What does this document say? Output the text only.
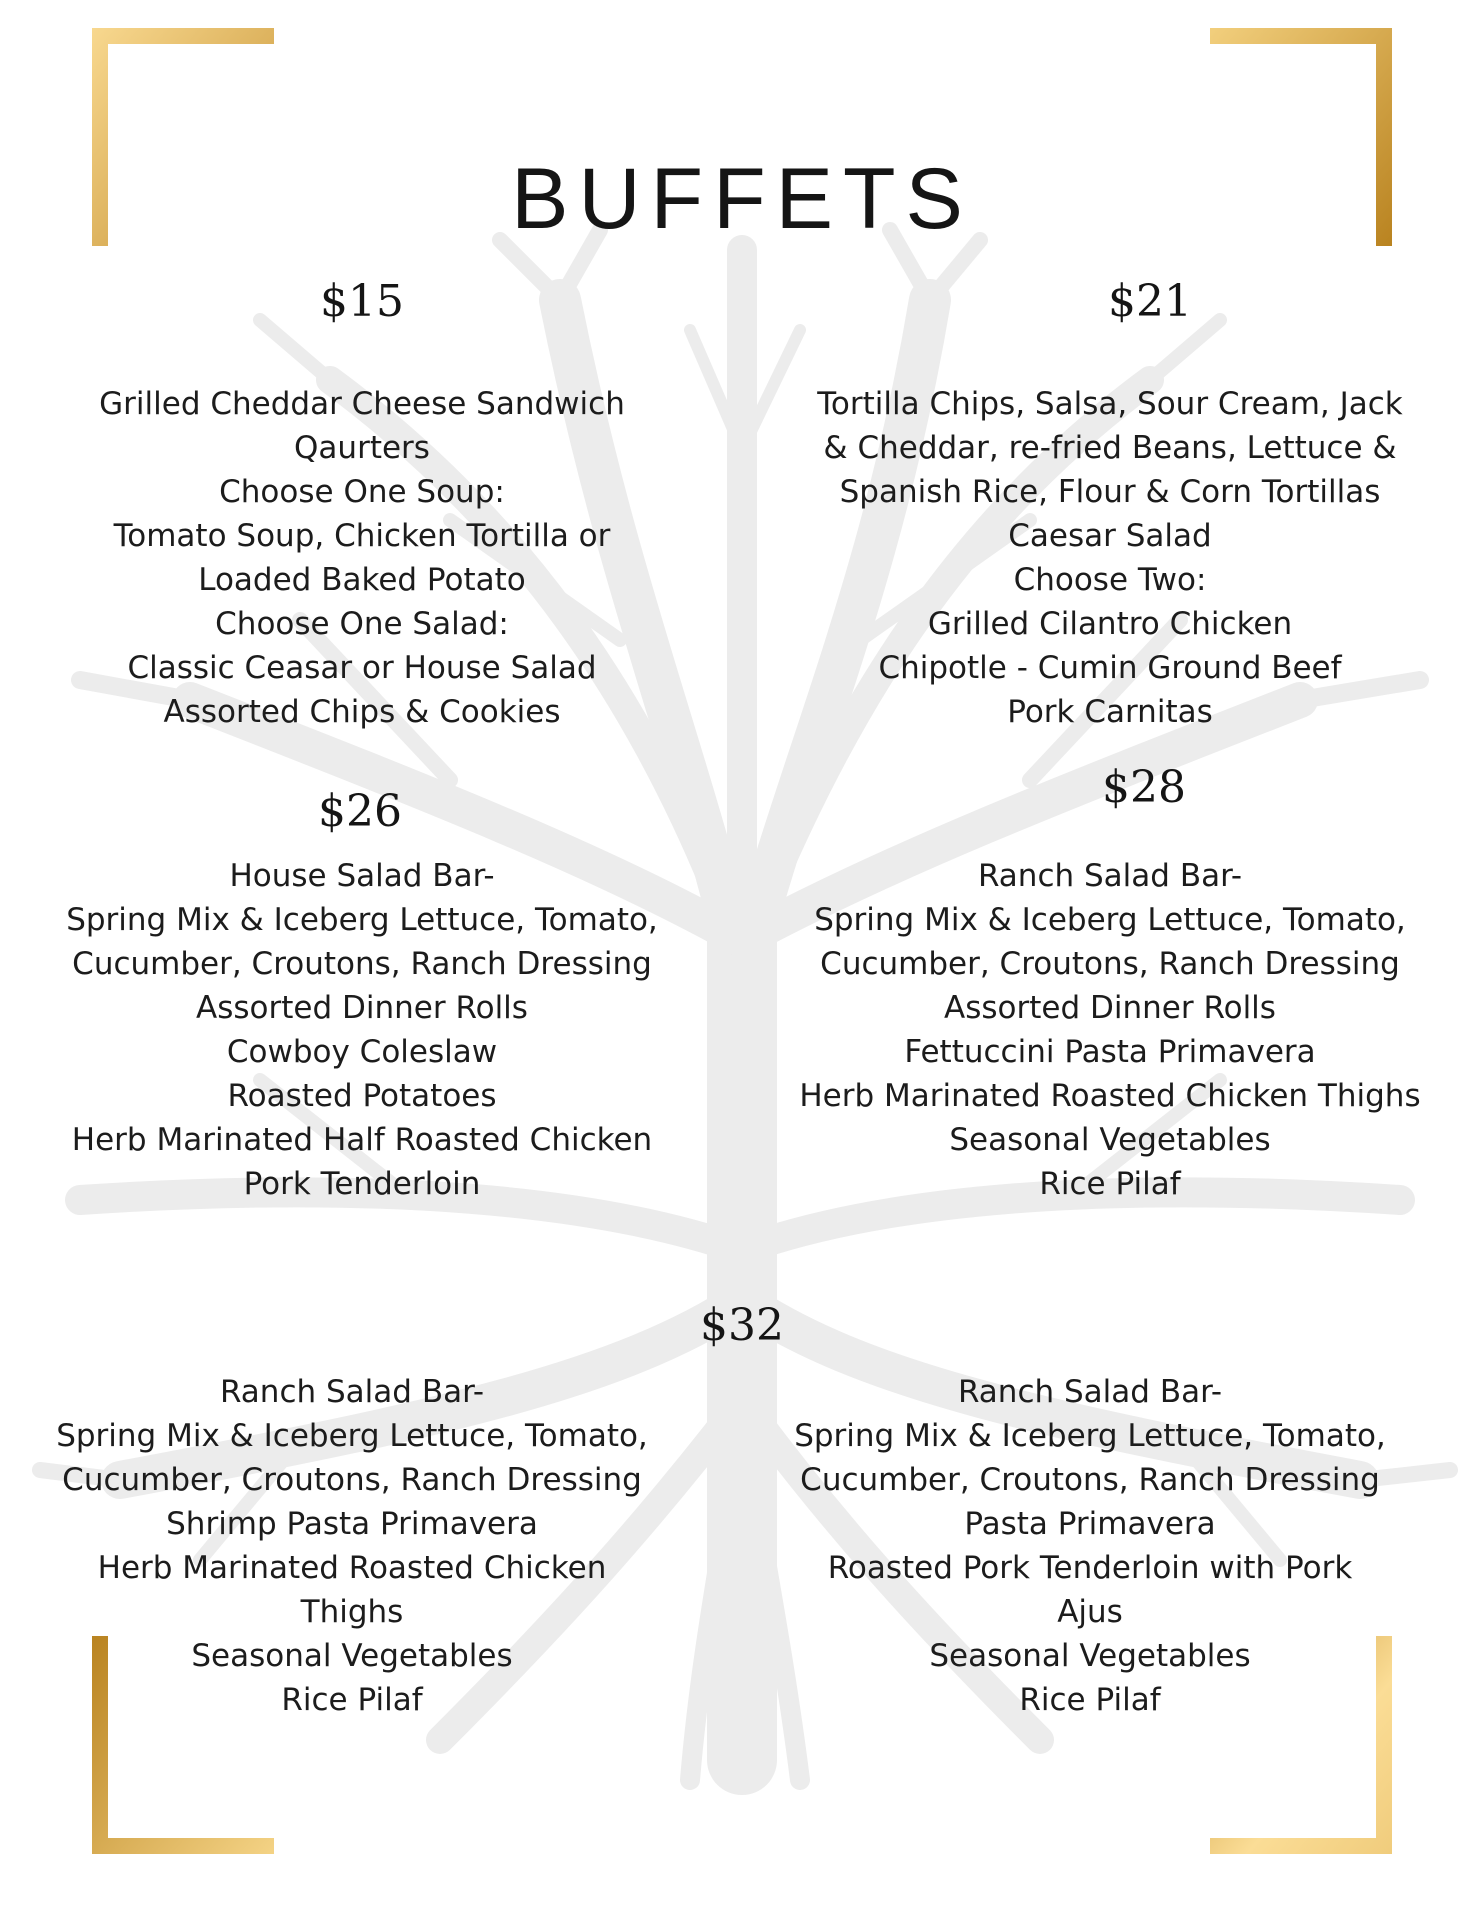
BUFFETS
$15
Grilled Cheddar Cheese Sandwich
Qaurters
Choose One Soup:
Tomato Soup, Chicken Tortilla or
Loaded Baked Potato
Choose One Salad:
Classic Ceasar or House Salad
Assorted Chips & Cookies
$21
Tortilla Chips, Salsa, Sour Cream, Jack
& Cheddar, re-fried Beans, Lettuce &
Spanish Rice, Flour & Corn Tortillas
Caesar Salad
Choose Two:
Grilled Cilantro Chicken
Chipotle - Cumin Ground Beef
Pork Carnitas
$26
House Salad Bar-
Spring Mix & Iceberg Lettuce, Tomato,
Cucumber, Croutons, Ranch Dressing
Assorted Dinner Rolls
Cowboy Coleslaw
Roasted Potatoes
Herb Marinated Half Roasted Chicken
Pork Tenderloin
$28
Ranch Salad Bar-
Spring Mix & Iceberg Lettuce, Tomato,
Cucumber, Croutons, Ranch Dressing
Assorted Dinner Rolls
Fettuccini Pasta Primavera
Herb Marinated Roasted Chicken Thighs
Seasonal Vegetables
Rice Pilaf
$32
Ranch Salad Bar-
Spring Mix & Iceberg Lettuce, Tomato,
Cucumber, Croutons, Ranch Dressing
Shrimp Pasta Primavera
Herb Marinated Roasted Chicken
Thighs
Seasonal Vegetables
Rice Pilaf
Ranch Salad Bar-
Spring Mix & Iceberg Lettuce, Tomato,
Cucumber, Croutons, Ranch Dressing
Pasta Primavera
Roasted Pork Tenderloin with Pork
Ajus
Seasonal Vegetables
Rice Pilaf
